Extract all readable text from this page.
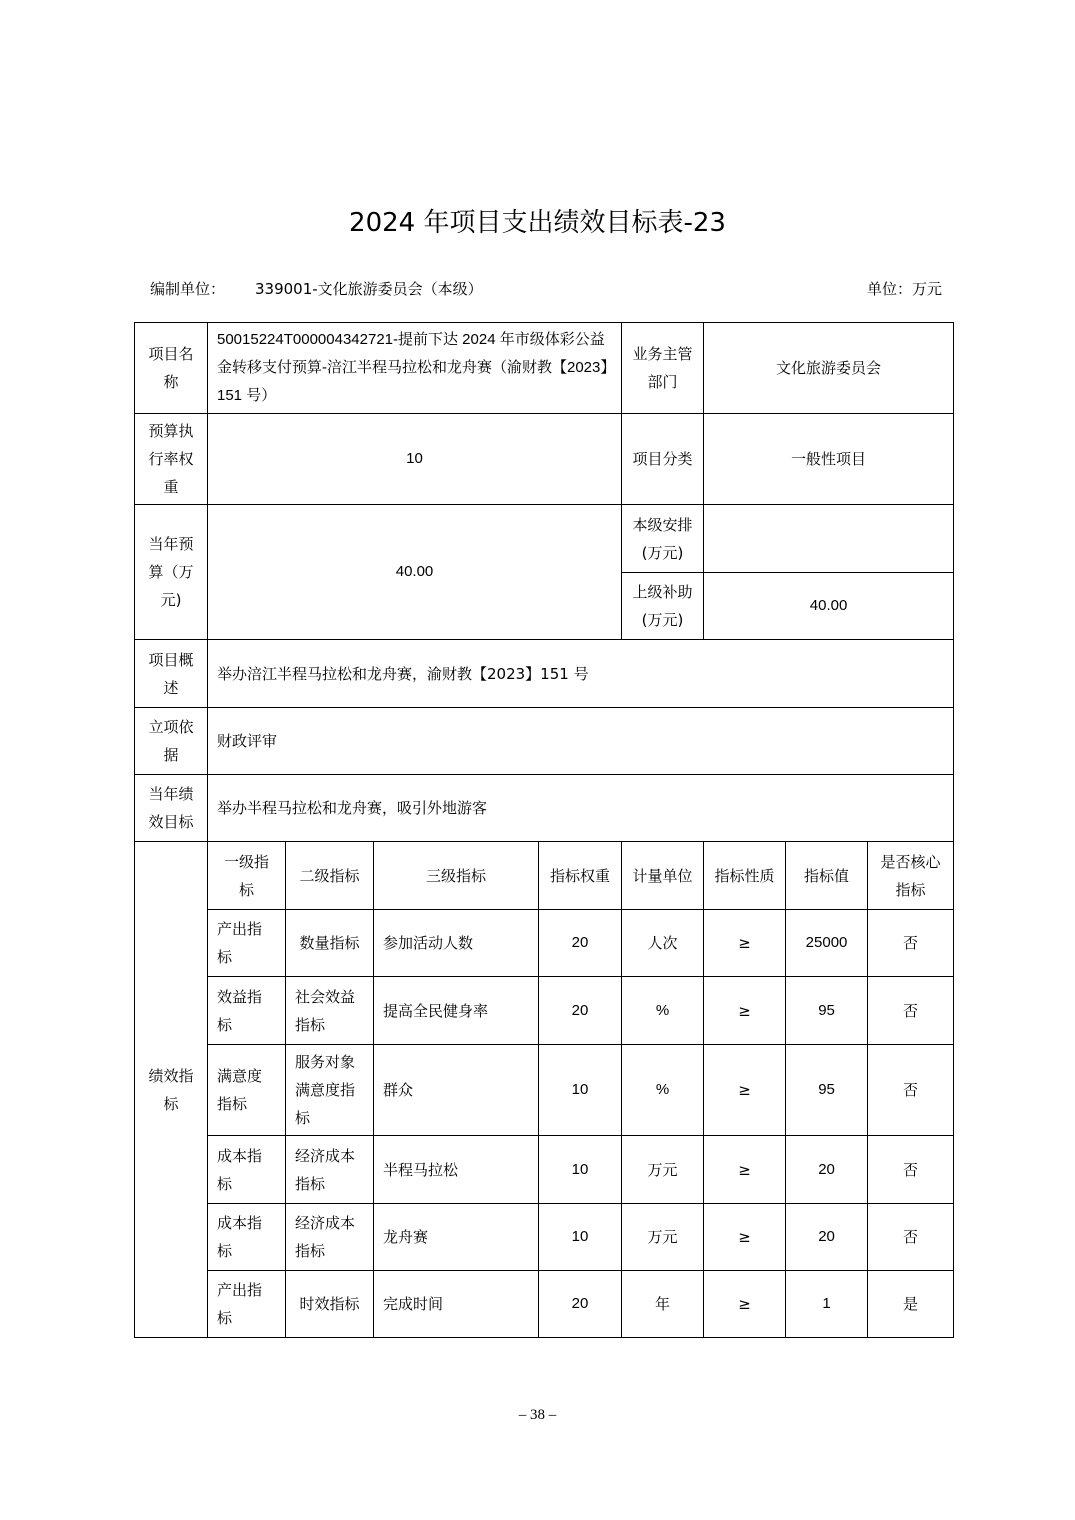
2024 年项目支出绩效目标表-23
编制单位： 339001-文化旅游委员会（本级）	单位：万元
项目名称	50015224T000004342721-提前下达 2024 年市级体彩公益金转移支付预算-涪江半程马拉松和龙舟赛（渝财教【2023】151 号）				业务主管部门	文化旅游委员会		
预算执行率权重	10				项目分类	一般性项目		
当年预算（万元)	40.00				本级安排(万元)			
					上级补助(万元)	40.00		
项目概述	举办涪江半程马拉松和龙舟赛，渝财教【2023】151 号							
立项依据	财政评审							
当年绩效目标	举办半程马拉松和龙舟赛，吸引外地游客							
绩效指标	一级指标	二级指标	三级指标	指标权重	计量单位	指标性质	指标值	是否核心指标
	产出指标	数量指标	参加活动人数	20	人次	≥	25000	否
	效益指标	社会效益指标	提高全民健身率	20	%	≥	95	否
	满意度指标	服务对象满意度指标	群众	10	%	≥	95	否
	成本指标	经济成本指标	半程马拉松	10	万元	≥	20	否
	成本指标	经济成本指标	龙舟赛	10	万元	≥	20	否
	产出指标	时效指标	完成时间	20	年	≥	1	是
– 38 –
